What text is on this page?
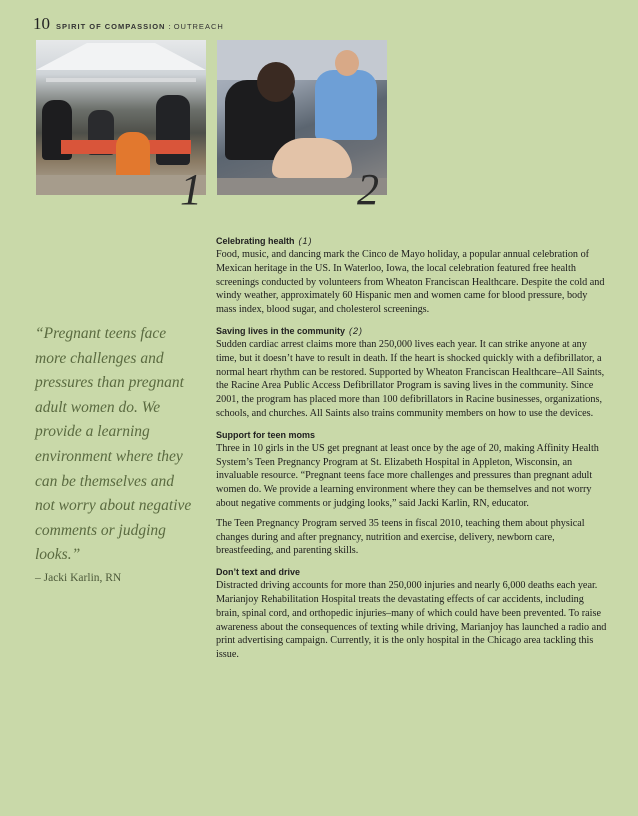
10 SPIRIT OF COMPASSION : OUTREACH
1	2

“Pregnant teens face more challenges and pressures than pregnant adult women do. We provide a learning environment where they can be themselves and not worry about negative comments or judging looks.”

– Jacki Karlin, RN
Celebrating health (1)

Food, music, and dancing mark the Cinco de Mayo holiday, a popular annual celebration of Mexican heritage in the US. In Waterloo, Iowa, the local celebration featured free health screenings conducted by volunteers from Wheaton Franciscan Healthcare. Despite the cold and windy weather, approximately 60 Hispanic men and women came for blood pressure, body mass index, blood sugar, and cholesterol screenings.

Saving lives in the community (2)

Sudden cardiac arrest claims more than 250,000 lives each year. It can strike anyone at any time, but it doesn’t have to result in death. If the heart is shocked quickly with a defibrillator, a normal heart rhythm can be restored. Supported by Wheaton Franciscan Healthcare–All Saints, the Racine Area Public Access Defibrillator Program is saving lives in the community. Since 2001, the program has placed more than 100 defibrillators in Racine businesses, organizations, schools, and churches. All Saints also trains community members on how to use the devices.

Support for teen moms

Three in 10 girls in the US get pregnant at least once by the age of 20, making Affinity Health System’s Teen Pregnancy Program at St. Elizabeth Hospital in Appleton, Wisconsin, an invaluable resource. “Pregnant teens face more challenges and pressures than pregnant adult women do. We provide a learning environment where they can be themselves and not worry about negative comments or judging looks,” said Jacki Karlin, RN, educator.

The Teen Pregnancy Program served 35 teens in fiscal 2010, teaching them about physical changes during and after pregnancy, nutrition and exercise, delivery, newborn care, breastfeeding, and parenting skills.

Don’t text and drive

Distracted driving accounts for more than 250,000 injuries and nearly 6,000 deaths each year. Marianjoy Rehabilitation Hospital treats the devastating effects of car accidents, including brain, spinal cord, and orthopedic injuries–many of which could have been prevented. To raise awareness about the consequences of texting while driving, Marianjoy has launched a radio and print advertising campaign. Currently, it is the only hospital in the Chicago area tackling this issue.
